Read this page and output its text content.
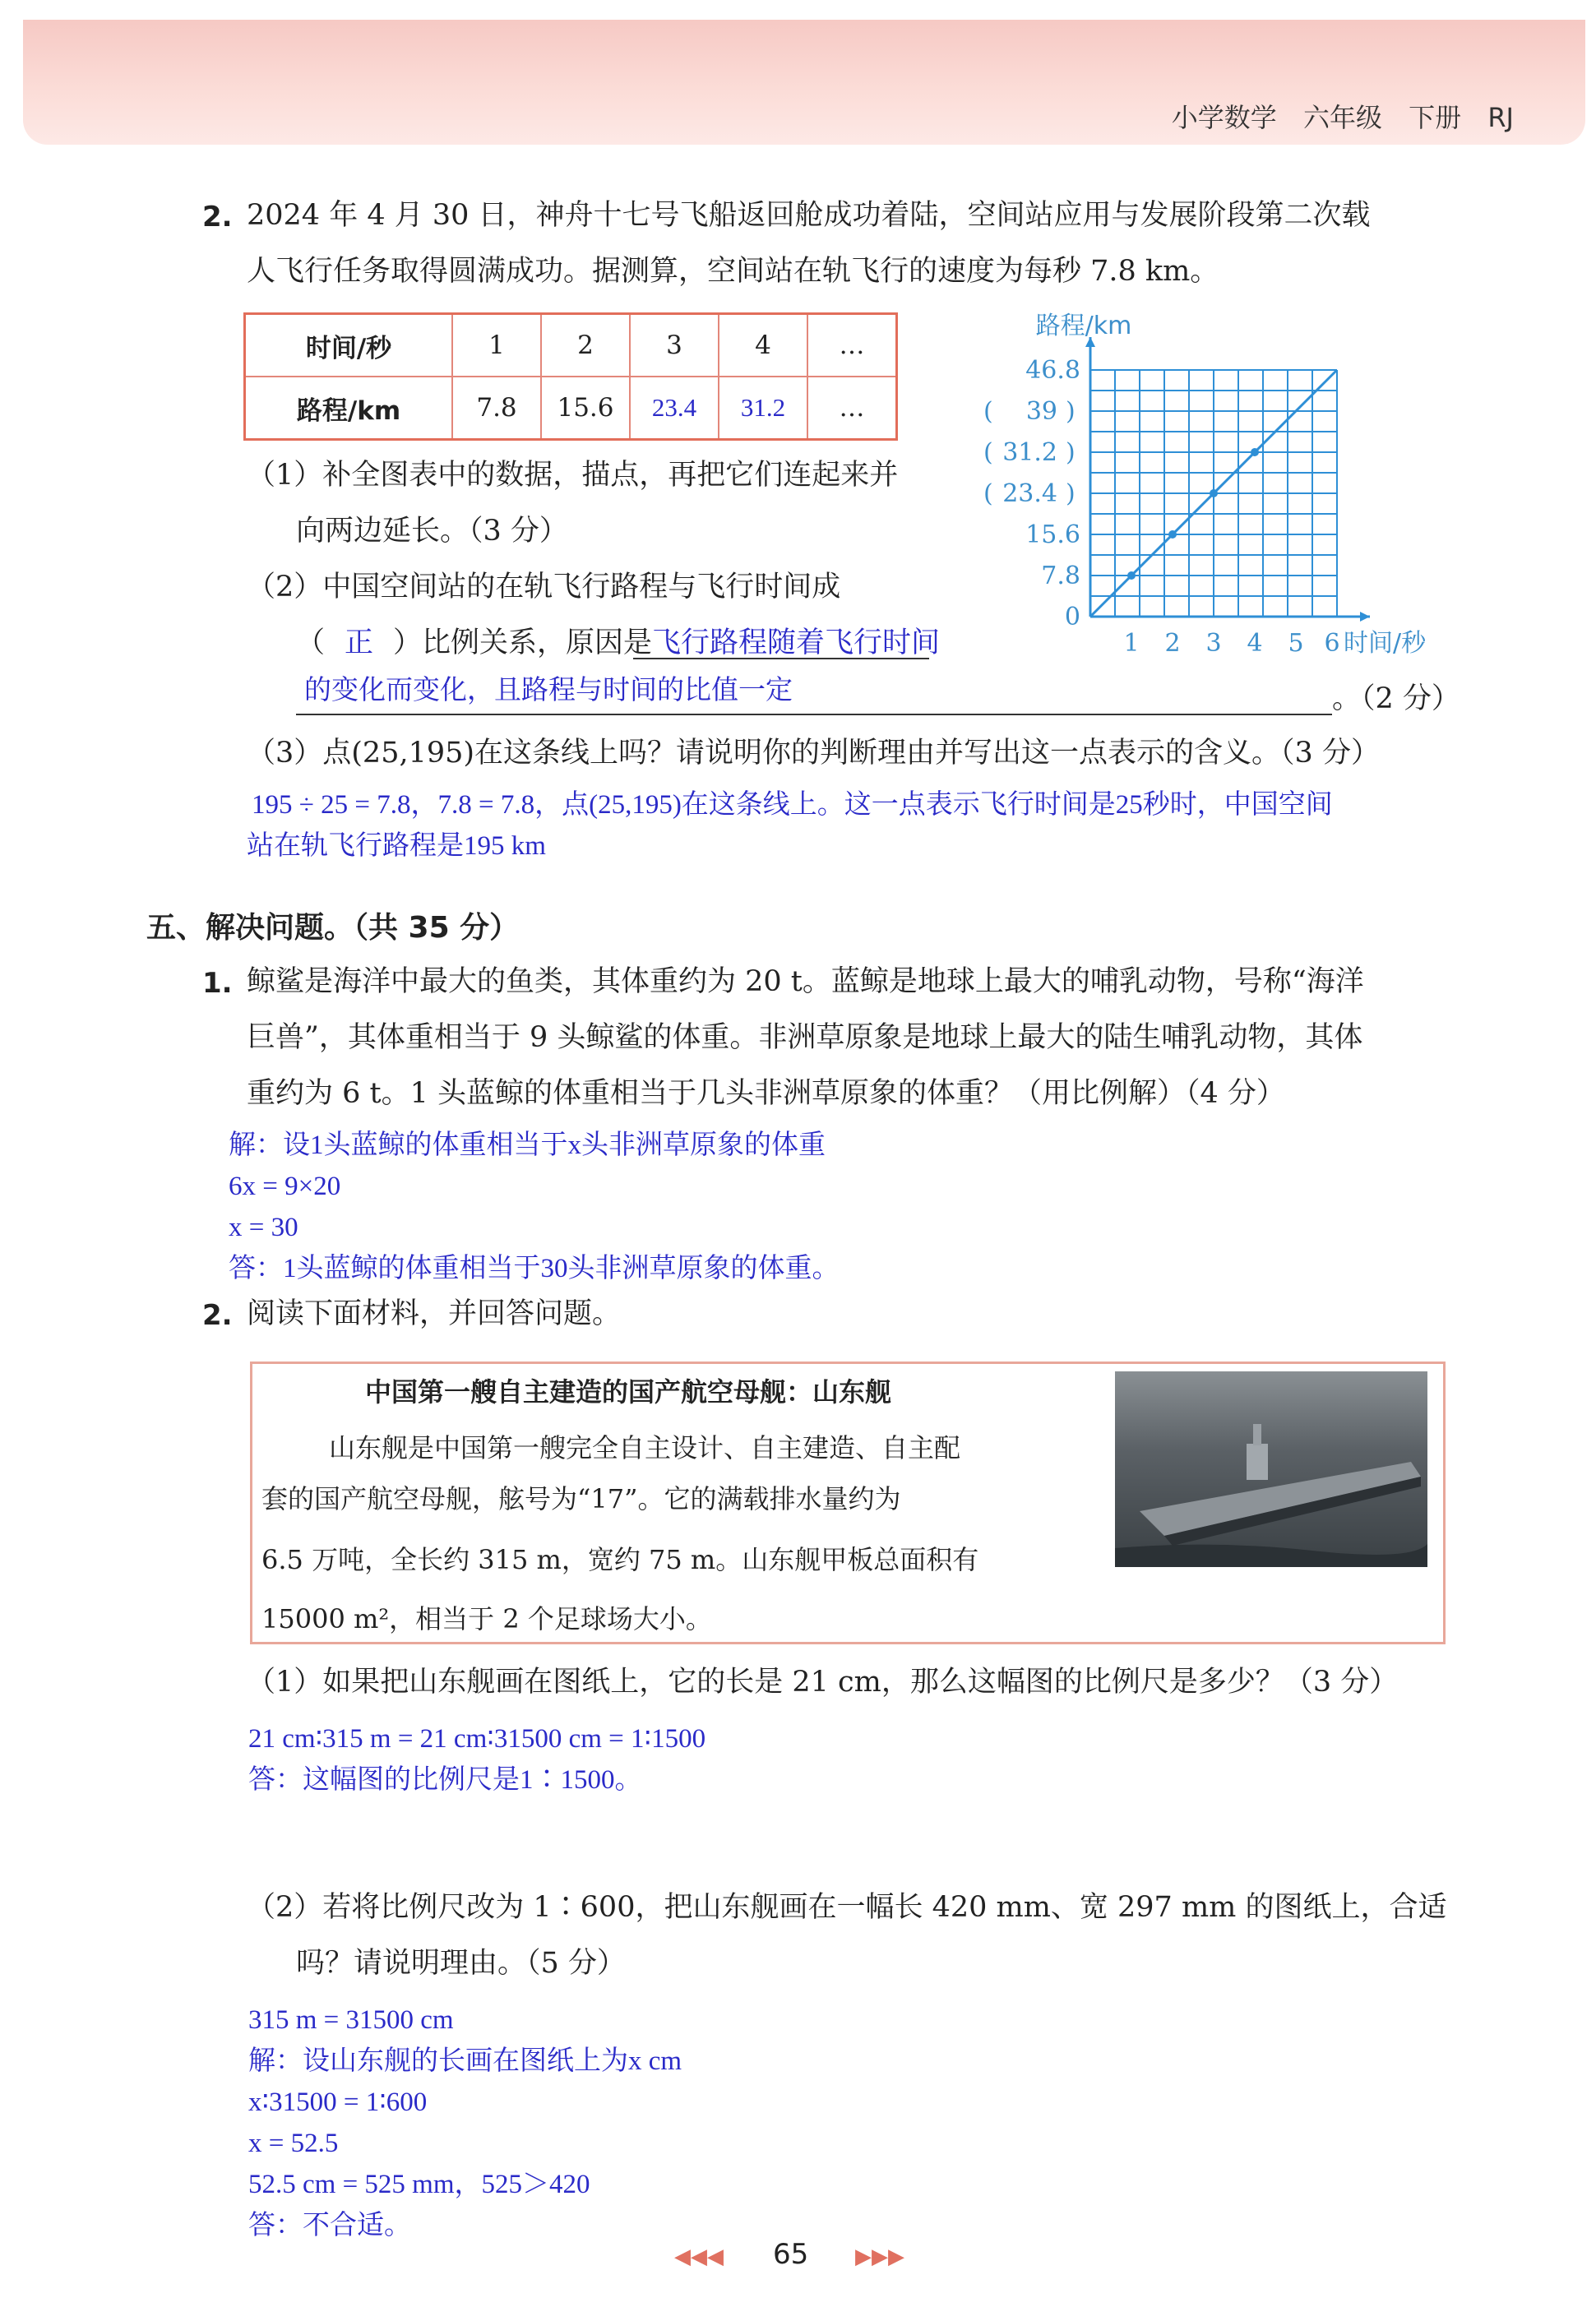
小学数学 六年级 下册 RJ
2. 2024 年 4 月 30 日，神舟十七号飞船返回舱成功着陆，空间站应用与发展阶段第二次载
人飞行任务取得圆满成功。据测算，空间站在轨飞行的速度为每秒 7.8 km。
时间/秒	1	2	3	4	…
路程/km	7.8	15.6	23.4	31.2	…
路程/km
时间/秒
1 2 3 4 5 6
0
7.8
15.6
23.4
(	)
31.2
(	)
39
(	)
46.8
（1）补全图表中的数据，描点，再把它们连起来并
向两边延长。（3 分）
（2）中国空间站的在轨飞行路程与飞行时间成
（ 正 ）比例关系，原因是飞行路程随着飞行时间
的变化而变化，且路程与时间的比值一定	。（2 分）
（3）点(25,195)在这条线上吗？请说明你的判断理由并写出这一点表示的含义。（3 分）
195 ÷ 25 = 7.8，7.8 = 7.8，点(25,195)在这条线上。这一点表示飞行时间是25秒时，中国空间
站在轨飞行路程是195 km
五、解决问题。（共 35 分）
1. 鲸鲨是海洋中最大的鱼类，其体重约为 20 t。蓝鲸是地球上最大的哺乳动物，号称“海洋
巨兽”，其体重相当于 9 头鲸鲨的体重。非洲草原象是地球上最大的陆生哺乳动物，其体
重约为 6 t。1 头蓝鲸的体重相当于几头非洲草原象的体重？（用比例解）（4 分）
解：设1头蓝鲸的体重相当于x头非洲草原象的体重
6x = 9×20
x = 30
答：1头蓝鲸的体重相当于30头非洲草原象的体重。
2. 阅读下面材料，并回答问题。
中国第一艘自主建造的国产航空母舰：山东舰
山东舰是中国第一艘完全自主设计、自主建造、自主配
套的国产航空母舰，舷号为“17”。它的满载排水量约为
6.5 万吨，全长约 315 m，宽约 75 m。山东舰甲板总面积有
15000 m²，相当于 2 个足球场大小。
（1）如果把山东舰画在图纸上，它的长是 21 cm，那么这幅图的比例尺是多少？（3 分）
21 cm∶315 m = 21 cm∶31500 cm = 1∶1500
答：这幅图的比例尺是1∶1500。
（2）若将比例尺改为 1∶600，把山东舰画在一幅长 420 mm、宽 297 mm 的图纸上，合适
吗？请说明理由。（5 分）
315 m = 31500 cm
解：设山东舰的长画在图纸上为x cm
x∶31500 = 1∶600
x = 52.5
52.5 cm = 525 mm，525＞420
答：不合适。
◀◀◀ 65 ▶▶▶
